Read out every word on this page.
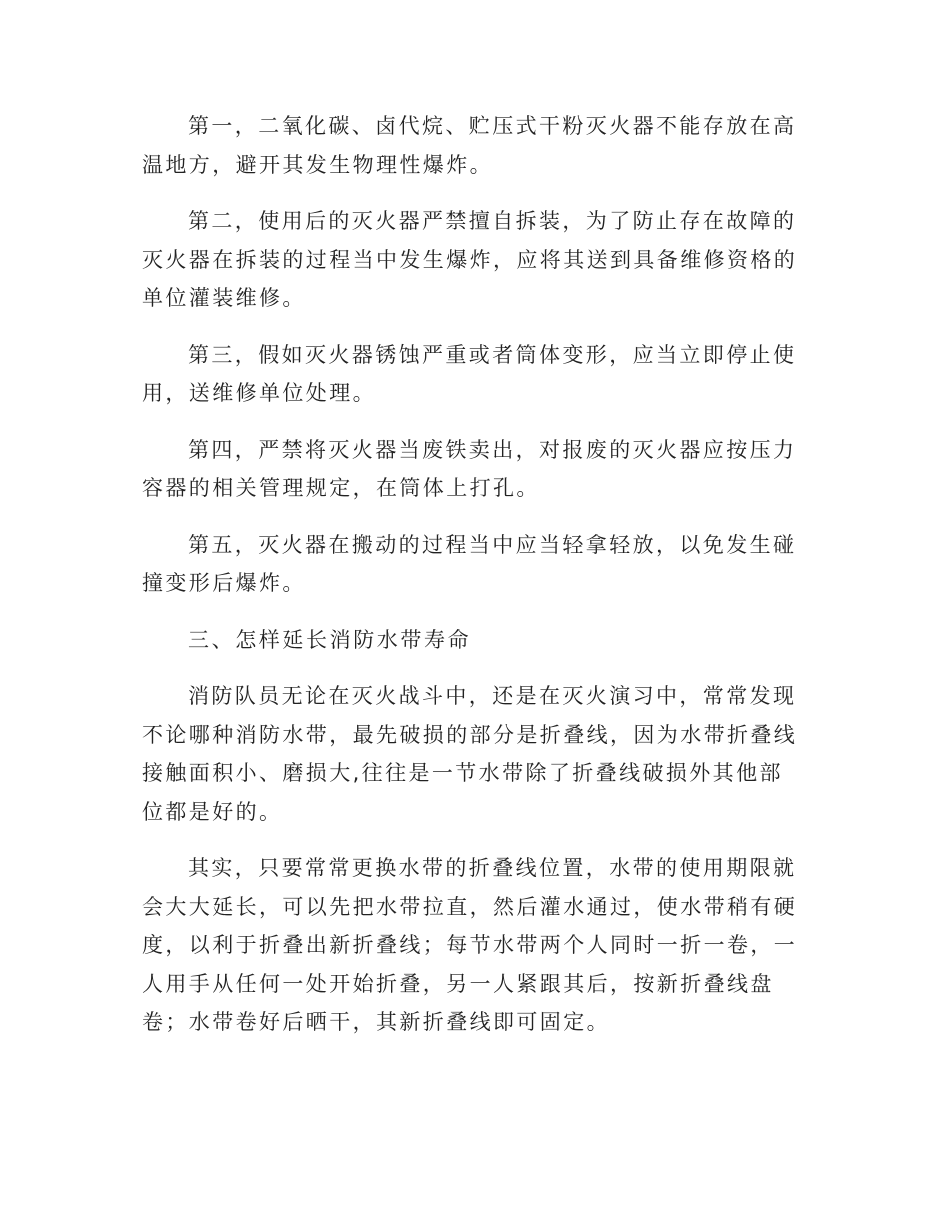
第一，二氧化碳、卤代烷、贮压式干粉灭火器不能存放在高温地方，避开其发生物理性爆炸。

第二，使用后的灭火器严禁擅自拆装，为了防止存在故障的灭火器在拆装的过程当中发生爆炸，应将其送到具备维修资格的单位灌装维修。

第三，假如灭火器锈蚀严重或者筒体变形，应当立即停止使用，送维修单位处理。

第四，严禁将灭火器当废铁卖出，对报废的灭火器应按压力容器的相关管理规定，在筒体上打孔。

第五，灭火器在搬动的过程当中应当轻拿轻放，以免发生碰撞变形后爆炸。

三、怎样延长消防水带寿命

消防队员无论在灭火战斗中，还是在灭火演习中，常常发现不论哪种消防水带，最先破损的部分是折叠线，因为水带折叠线接触面积小、磨损大,往往是一节水带除了折叠线破损外其他部位都是好的。

其实，只要常常更换水带的折叠线位置，水带的使用期限就会大大延长，可以先把水带拉直，然后灌水通过，使水带稍有硬度，以利于折叠出新折叠线；每节水带两个人同时一折一卷，一人用手从任何一处开始折叠，另一人紧跟其后，按新折叠线盘卷；水带卷好后晒干，其新折叠线即可固定。
